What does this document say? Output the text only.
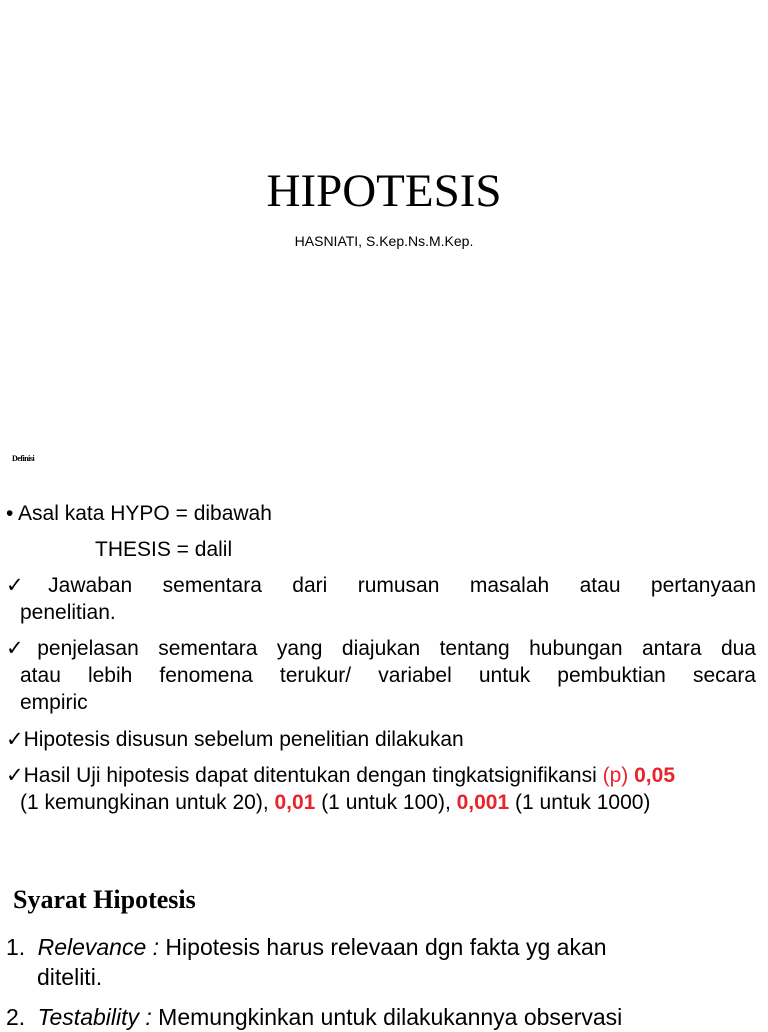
HIPOTESIS
HASNIATI, S.Kep.Ns.M.Kep.
Definisi
• Asal kata HYPO = dibawah
THESIS = dalil
✓Jawaban sementara dari rumusan masalah atau pertanyaan
penelitian.
✓penjelasan sementara yang diajukan tentang hubungan antara dua
atau lebih fenomena terukur/ variabel untuk pembuktian secara
empiric
✓Hipotesis disusun sebelum penelitian dilakukan
✓Hasil Uji hipotesis dapat ditentukan dengan tingkatsignifikansi (p) 0,05
(1 kemungkinan untuk 20), 0,01 (1 untuk 100), 0,001 (1 untuk 1000)
Syarat Hipotesis
1. Relevance : Hipotesis harus relevaan dgn fakta yg akan
diteliti.
2. Testability : Memungkinkan untuk dilakukannya observasi
